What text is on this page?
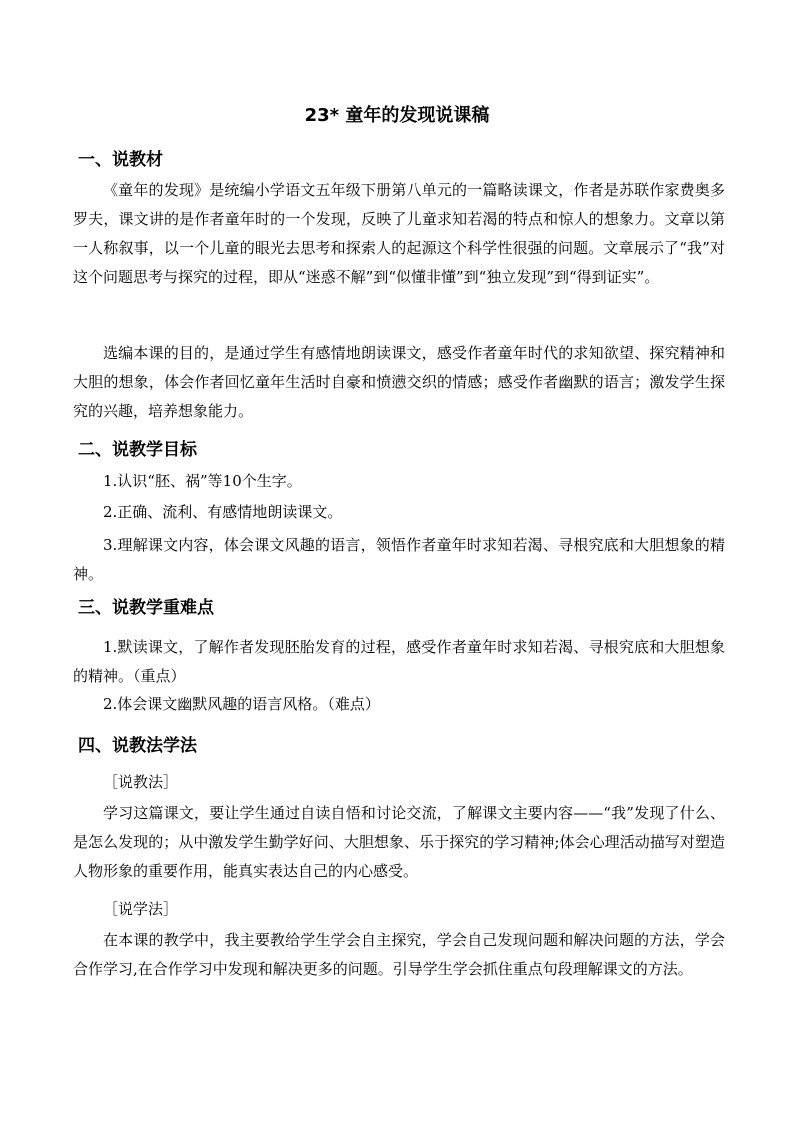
23* 童年的发现说课稿
一、说教材
《童年的发现》是统编小学语文五年级下册第八单元的一篇略读课文，作者是苏联作家费奥多罗夫，课文讲的是作者童年时的一个发现，反映了儿童求知若渴的特点和惊人的想象力。文章以第一人称叙事，以一个儿童的眼光去思考和探索人的起源这个科学性很强的问题。文章展示了“我”对这个问题思考与探究的过程，即从“迷惑不解”到“似懂非懂”到“独立发现”到“得到证实”。
选编本课的目的，是通过学生有感情地朗读课文，感受作者童年时代的求知欲望、探究精神和大胆的想象，体会作者回忆童年生活时自豪和愤懑交织的情感；感受作者幽默的语言；激发学生探究的兴趣，培养想象能力。
二、说教学目标
1.认识“胚、祸”等10个生字。
2.正确、流利、有感情地朗读课文。
3.理解课文内容，体会课文风趣的语言，领悟作者童年时求知若渴、寻根究底和大胆想象的精神。
三、说教学重难点
1.默读课文，了解作者发现胚胎发育的过程，感受作者童年时求知若渴、寻根究底和大胆想象的精神。（重点）
2.体会课文幽默风趣的语言风格。（难点）
四、说教法学法
［说教法］
学习这篇课文，要让学生通过自读自悟和讨论交流，了解课文主要内容——“我”发现了什么、是怎么发现的；从中激发学生勤学好问、大胆想象、乐于探究的学习精神;体会心理活动描写对塑造人物形象的重要作用，能真实表达自己的内心感受。
［说学法］
在本课的教学中，我主要教给学生学会自主探究，学会自己发现问题和解决问题的方法，学会合作学习,在合作学习中发现和解决更多的问题。引导学生学会抓住重点句段理解课文的方法。
